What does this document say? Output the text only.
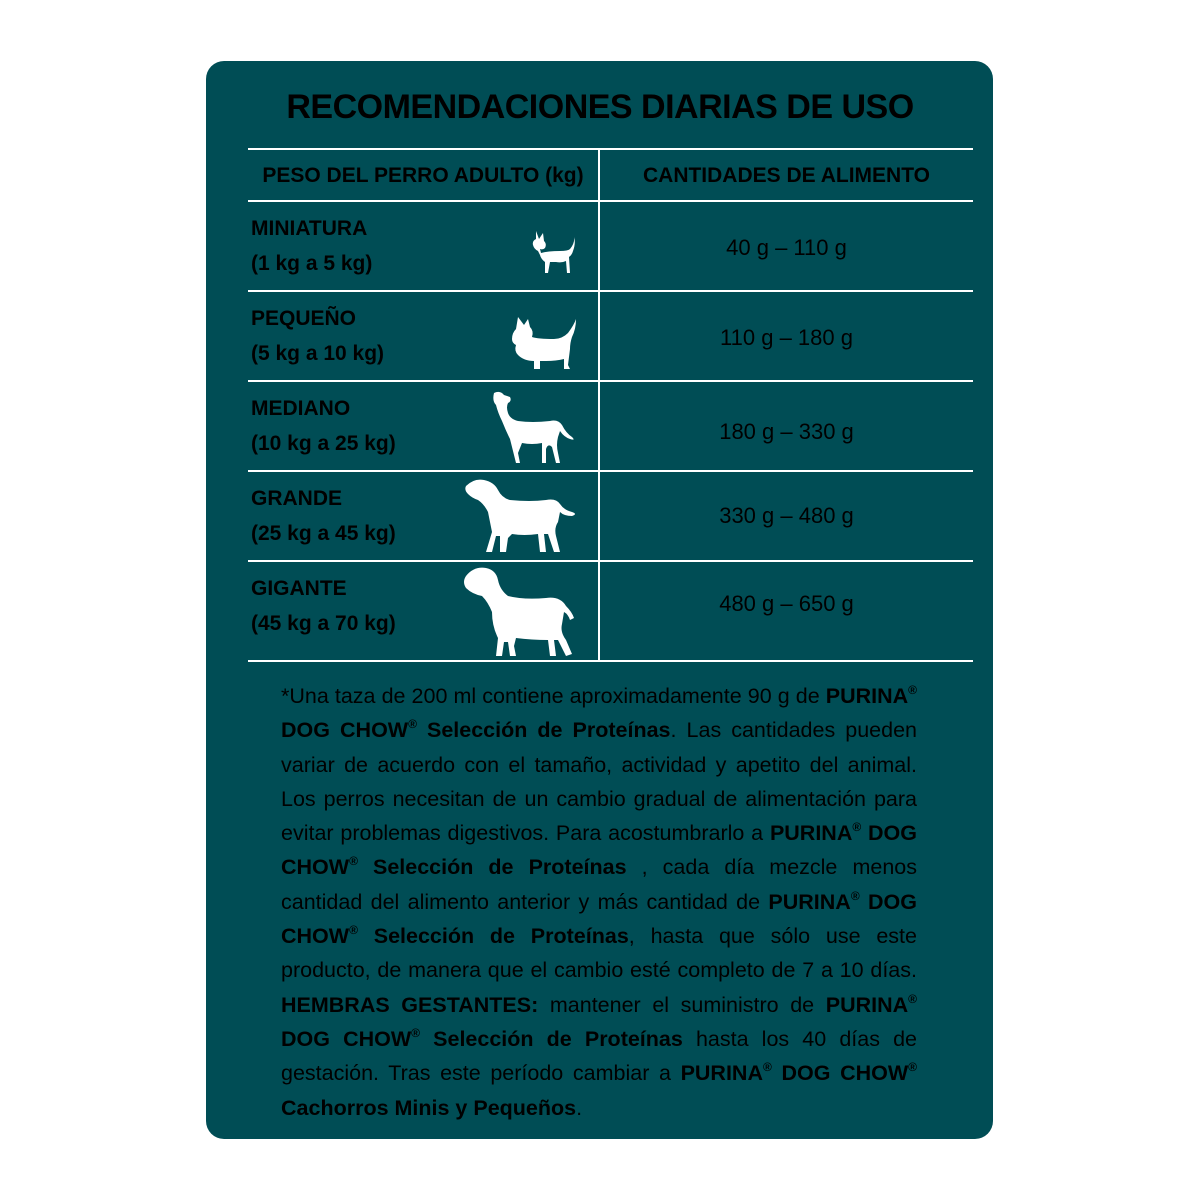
RECOMENDACIONES DIARIAS DE USO
PESO DEL PERRO ADULTO (kg)	CANTIDADES DE ALIMENTO
MINIATURA
(1 kg a 5 kg)
40 g – 110 g
PEQUEÑO
(5 kg a 10 kg)
110 g – 180 g
MEDIANO
(10 kg a 25 kg)	180 g – 330 g
GRANDE
(25 kg a 45 kg)
330 g – 480 g
GIGANTE
(45 kg a 70 kg)
480 g – 650 g
*Una taza de 200 ml contiene aproximadamente 90 g de PURINA® DOG CHOW® Selección de Proteínas. Las cantidades pueden variar de acuerdo con el tamaño, actividad y apetito del animal. Los perros necesitan de un cambio gradual de alimentación para evitar problemas digestivos. Para acostumbrarlo a PURINA® DOG CHOW® Selección de Proteínas , cada día mezcle menos cantidad del alimento anterior y más cantidad de PURINA® DOG CHOW® Selección de Proteínas, hasta que sólo use este producto, de manera que el cambio esté completo de 7 a 10 días. HEMBRAS GESTANTES: mantener el suministro de PURINA® DOG CHOW® Selección de Proteínas hasta los 40 días de gestación. Tras este período cambiar a PURINA® DOG CHOW® Cachorros Minis y Pequeños.
